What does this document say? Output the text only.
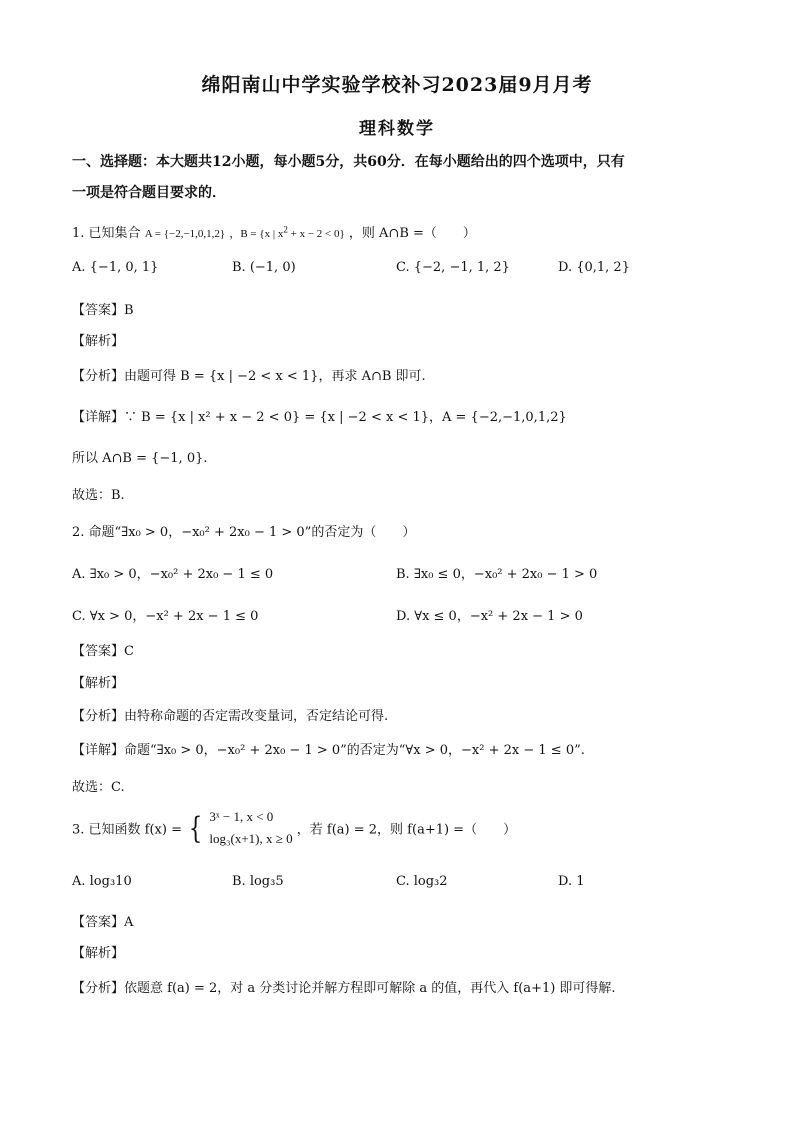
绵阳南山中学实验学校补习2023届9月月考
理科数学
一、选择题：本大题共12小题，每小题5分，共60分．在每小题给出的四个选项中，只有
一项是符合题目要求的．
1. 已知集合 A = {−2,−1,0,1,2} ，B = {x | $x^2 + x - 2 < 0$} ，则 A∩B =（　　）
A. {−1, 0, 1}	B. (−1, 0)	C. {−2, −1, 1, 2}	D. {0,1, 2}
【答案】B
【解析】
【分析】由题可得 B = {x | −2 < x < 1}，再求 A∩B 即可.
【详解】∵ B = {x | x² + x − 2 < 0} = {x | −2 < x < 1}，A = {−2,−1,0,1,2}
所以 A∩B = {−1, 0}.
故选：B.
2. 命题“∃x₀ > 0，−x₀² + 2x₀ − 1 > 0”的否定为（　　）
A. ∃x₀ > 0，−x₀² + 2x₀ − 1 ≤ 0	B. ∃x₀ ≤ 0，−x₀² + 2x₀ − 1 > 0
C. ∀x > 0，−x² + 2x − 1 ≤ 0	D. ∀x ≤ 0，−x² + 2x − 1 > 0
【答案】C
【解析】
【分析】由特称命题的否定需改变量词，否定结论可得.
【详解】命题“∃x₀ > 0，−x₀² + 2x₀ − 1 > 0”的否定为“∀x > 0，−x² + 2x − 1 ≤ 0”.
故选：C.
3. 已知函数 f(x) = { 3ˣ − 1, x < 0
log₃(x+1), x ≥ 0
，若 f(a) = 2，则 f(a+1) =（　　）
A. log₃10	B. log₃5	C. log₃2	D. 1
【答案】A
【解析】
【分析】依题意 f(a) = 2，对 a 分类讨论并解方程即可解除 a 的值，再代入 f(a+1) 即可得解.
